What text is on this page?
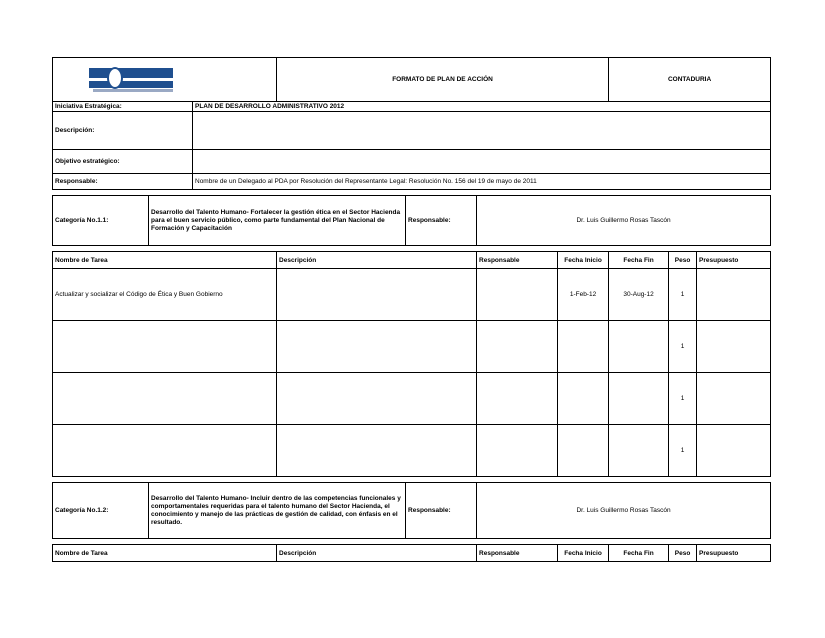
			FORMATO DE PLAN DE ACCIÓN				CONTADURIA		
Iniciativa Estratégica:		PLAN DE DESARROLLO ADMINISTRATIVO 2012							
Descripción:									
Objetivo estratégico:									
Responsable:		Nombre de un Delegado al PDA por Resolución del Representante Legal: Resolución No. 156 del 19 de mayo de 2011							

Categoría No.1.1:	Desarrollo del Talento Humano- Fortalecer la gestión ética en el Sector Hacienda para el buen servicio público, como parte fundamental del Plan Nacional de Formación y Capacitación			Responsable:	Dr. Luis Guillermo Rosas Tascón				

Nombre de Tarea			Descripción		Responsable	Fecha Inicio	Fecha Fin	Peso	Presupuesto
Actualizar y socializar el Código de Ética y Buen Gobierno						1-Feb-12	30-Aug-12	1	
								1	
								1	
								1	

Categoría No.1.2:	Desarrollo del Talento Humano- Incluir dentro de las competencias funcionales y comportamentales requeridas para el talento humano del Sector Hacienda, el conocimiento y manejo de las prácticas de gestión de calidad, con énfasis en el resultado.			Responsable:	Dr. Luis Guillermo Rosas Tascón				

Nombre de Tarea			Descripción		Responsable	Fecha Inicio	Fecha Fin	Peso	Presupuesto
